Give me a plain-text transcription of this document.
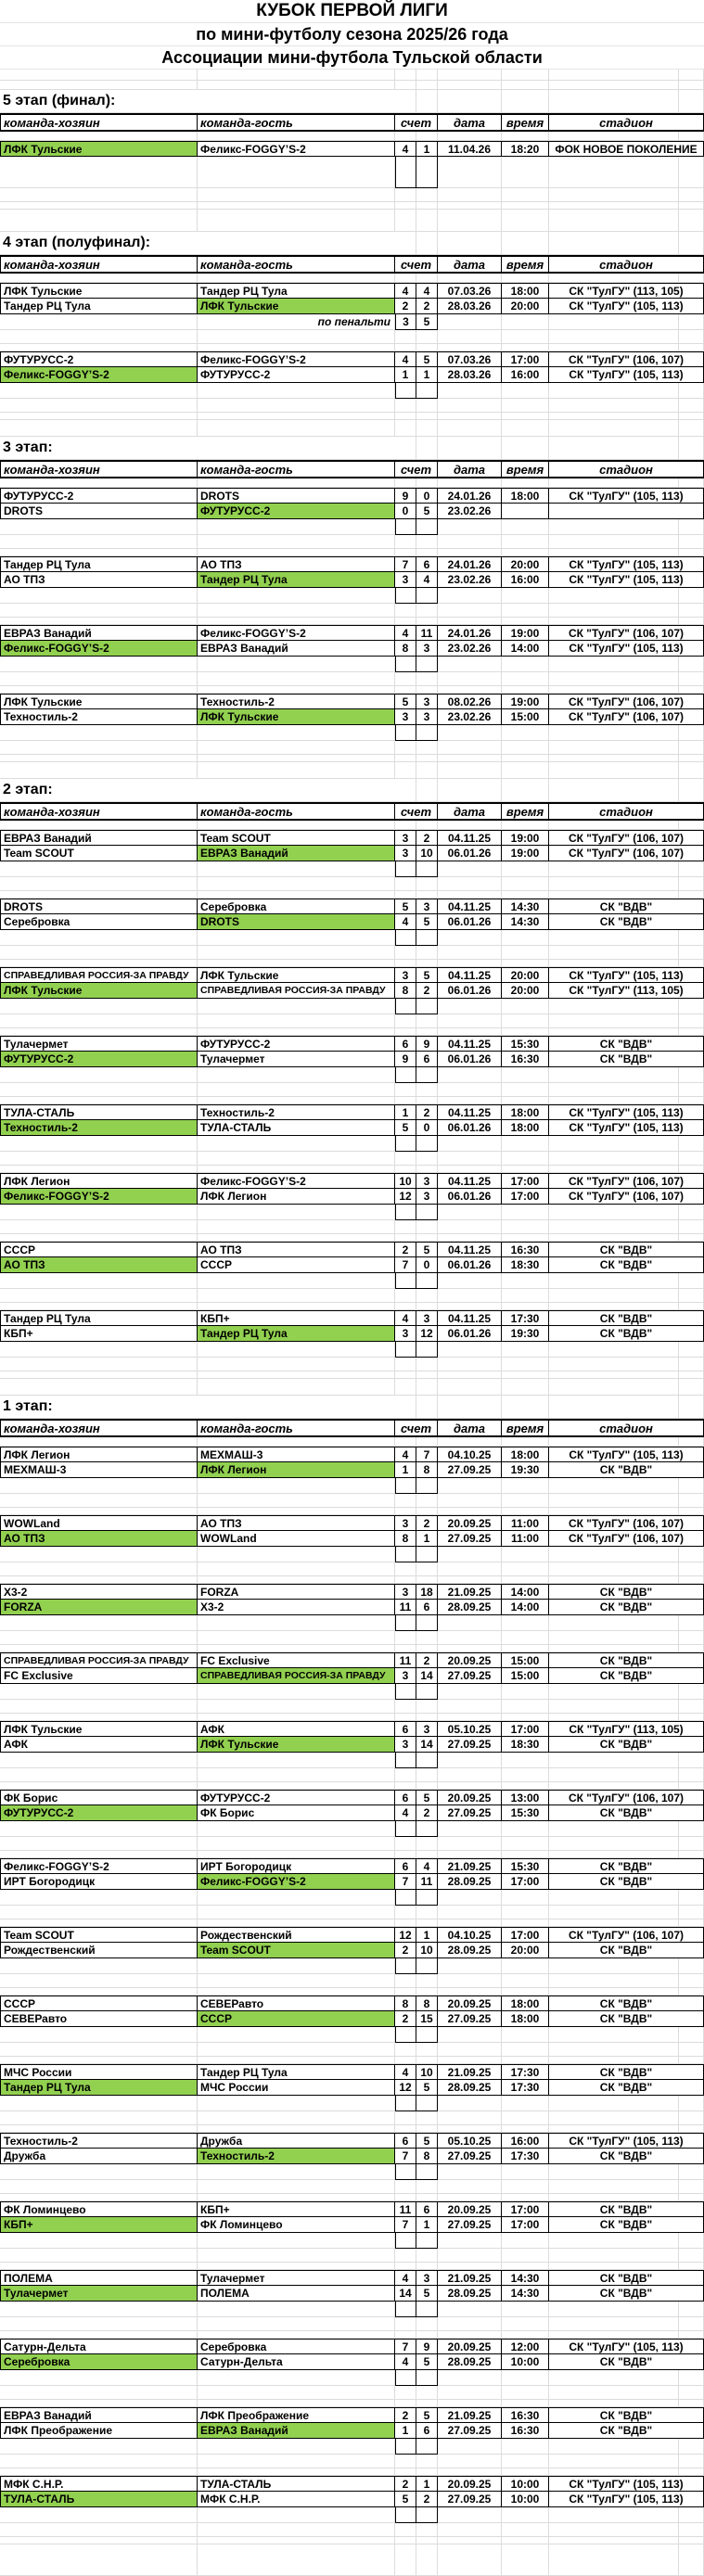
КУБОК ПЕРВОЙ ЛИГИ
по мини-футболу сезона 2025/26 года
Ассоциации мини-футбола Тульской области
5 этап (финал):
команда-хозяин	команда-гость	счет	дата	время	стадион
ЛФК Тульские	Феликс-FOGGY’S-2	4	1	11.04.26	18:20	ФОК НОВОЕ ПОКОЛЕНИЕ
4 этап (полуфинал):
команда-хозяин	команда-гость	счет	дата	время	стадион
ЛФК Тульские	Тандер РЦ Тула	4	4	07.03.26	18:00	СК "ТулГУ" (113, 105)
Тандер РЦ Тула	ЛФК Тульские	2	2	28.03.26	20:00	СК "ТулГУ" (105, 113)
по пенальти	3	5
ФУТУРУСС-2	Феликс-FOGGY’S-2	4	5	07.03.26	17:00	СК "ТулГУ" (106, 107)
Феликс-FOGGY’S-2	ФУТУРУСС-2	1	1	28.03.26	16:00	СК "ТулГУ" (105, 113)
3 этап:
команда-хозяин	команда-гость	счет	дата	время	стадион
ФУТУРУСС-2	DROTS	9	0	24.01.26	18:00	СК "ТулГУ" (105, 113)
DROTS	ФУТУРУСС-2	0	5	23.02.26
Тандер РЦ Тула	АО ТПЗ	7	6	24.01.26	20:00	СК "ТулГУ" (105, 113)
АО ТПЗ	Тандер РЦ Тула	3	4	23.02.26	16:00	СК "ТулГУ" (105, 113)
ЕВРАЗ Ванадий	Феликс-FOGGY’S-2	4	11	24.01.26	19:00	СК "ТулГУ" (106, 107)
Феликс-FOGGY’S-2	ЕВРАЗ Ванадий	8	3	23.02.26	14:00	СК "ТулГУ" (105, 113)
ЛФК Тульские	Техностиль-2	5	3	08.02.26	19:00	СК "ТулГУ" (106, 107)
Техностиль-2	ЛФК Тульские	3	3	23.02.26	15:00	СК "ТулГУ" (106, 107)
2 этап:
команда-хозяин	команда-гость	счет	дата	время	стадион
ЕВРАЗ Ванадий	Team SCOUT	3	2	04.11.25	19:00	СК "ТулГУ" (106, 107)
Team SCOUT	ЕВРАЗ Ванадий	3	10	06.01.26	19:00	СК "ТулГУ" (106, 107)
DROTS	Серебровка	5	3	04.11.25	14:30	СК "ВДВ"
Серебровка	DROTS	4	5	06.01.26	14:30	СК "ВДВ"
СПРАВЕДЛИВАЯ РОССИЯ-ЗА ПРАВДУ	ЛФК Тульские	3	5	04.11.25	20:00	СК "ТулГУ" (105, 113)
ЛФК Тульские	СПРАВЕДЛИВАЯ РОССИЯ-ЗА ПРАВДУ	8	2	06.01.26	20:00	СК "ТулГУ" (113, 105)
Тулачермет	ФУТУРУСС-2	6	9	04.11.25	15:30	СК "ВДВ"
ФУТУРУСС-2	Тулачермет	9	6	06.01.26	16:30	СК "ВДВ"
ТУЛА-СТАЛЬ	Техностиль-2	1	2	04.11.25	18:00	СК "ТулГУ" (105, 113)
Техностиль-2	ТУЛА-СТАЛЬ	5	0	06.01.26	18:00	СК "ТулГУ" (105, 113)
ЛФК Легион	Феликс-FOGGY’S-2	10	3	04.11.25	17:00	СК "ТулГУ" (106, 107)
Феликс-FOGGY’S-2	ЛФК Легион	12	3	06.01.26	17:00	СК "ТулГУ" (106, 107)
СССР	АО ТПЗ	2	5	04.11.25	16:30	СК "ВДВ"
АО ТПЗ	СССР	7	0	06.01.26	18:30	СК "ВДВ"
Тандер РЦ Тула	КБП+	4	3	04.11.25	17:30	СК "ВДВ"
КБП+	Тандер РЦ Тула	3	12	06.01.26	19:30	СК "ВДВ"
1 этап:
команда-хозяин	команда-гость	счет	дата	время	стадион
ЛФК Легион	МЕХМАШ-3	4	7	04.10.25	18:00	СК "ТулГУ" (105, 113)
МЕХМАШ-3	ЛФК Легион	1	8	27.09.25	19:30	СК "ВДВ"
WOWLand	АО ТПЗ	3	2	20.09.25	11:00	СК "ТулГУ" (106, 107)
АО ТПЗ	WOWLand	8	1	27.09.25	11:00	СК "ТулГУ" (106, 107)
Х3-2	FORZA	3	18	21.09.25	14:00	СК "ВДВ"
FORZA	Х3-2	11	6	28.09.25	14:00	СК "ВДВ"
СПРАВЕДЛИВАЯ РОССИЯ-ЗА ПРАВДУ	FC Exclusive	11	2	20.09.25	15:00	СК "ВДВ"
FC Exclusive	СПРАВЕДЛИВАЯ РОССИЯ-ЗА ПРАВДУ	3	14	27.09.25	15:00	СК "ВДВ"
ЛФК Тульские	АФК	6	3	05.10.25	17:00	СК "ТулГУ" (113, 105)
АФК	ЛФК Тульские	3	14	27.09.25	18:30	СК "ВДВ"
ФК Борис	ФУТУРУСС-2	6	5	20.09.25	13:00	СК "ТулГУ" (106, 107)
ФУТУРУСС-2	ФК Борис	4	2	27.09.25	15:30	СК "ВДВ"
Феликс-FOGGY’S-2	ИРТ Богородицк	6	4	21.09.25	15:30	СК "ВДВ"
ИРТ Богородицк	Феликс-FOGGY’S-2	7	11	28.09.25	17:00	СК "ВДВ"
Team SCOUT	Рождественский	12	1	04.10.25	17:00	СК "ТулГУ" (106, 107)
Рождественский	Team SCOUT	2	10	28.09.25	20:00	СК "ВДВ"
СССР	СЕВЕРавто	8	8	20.09.25	18:00	СК "ВДВ"
СЕВЕРавто	СССР	2	15	27.09.25	18:00	СК "ВДВ"
МЧС России	Тандер РЦ Тула	4	10	21.09.25	17:30	СК "ВДВ"
Тандер РЦ Тула	МЧС России	12	5	28.09.25	17:30	СК "ВДВ"
Техностиль-2	Дружба	6	5	05.10.25	16:00	СК "ТулГУ" (105, 113)
Дружба	Техностиль-2	7	8	27.09.25	17:30	СК "ВДВ"
ФК Ломинцево	КБП+	11	6	20.09.25	17:00	СК "ВДВ"
КБП+	ФК Ломинцево	7	1	27.09.25	17:00	СК "ВДВ"
ПОЛЕМА	Тулачермет	4	3	21.09.25	14:30	СК "ВДВ"
Тулачермет	ПОЛЕМА	14	5	28.09.25	14:30	СК "ВДВ"
Сатурн-Дельта	Серебровка	7	9	20.09.25	12:00	СК "ТулГУ" (105, 113)
Серебровка	Сатурн-Дельта	4	5	28.09.25	10:00	СК "ВДВ"
ЕВРАЗ Ванадий	ЛФК Преображение	2	5	21.09.25	16:30	СК "ВДВ"
ЛФК Преображение	ЕВРАЗ Ванадий	1	6	27.09.25	16:30	СК "ВДВ"
МФК С.Н.Р.	ТУЛА-СТАЛЬ	2	1	20.09.25	10:00	СК "ТулГУ" (105, 113)
ТУЛА-СТАЛЬ	МФК С.Н.Р.	5	2	27.09.25	10:00	СК "ТулГУ" (105, 113)
